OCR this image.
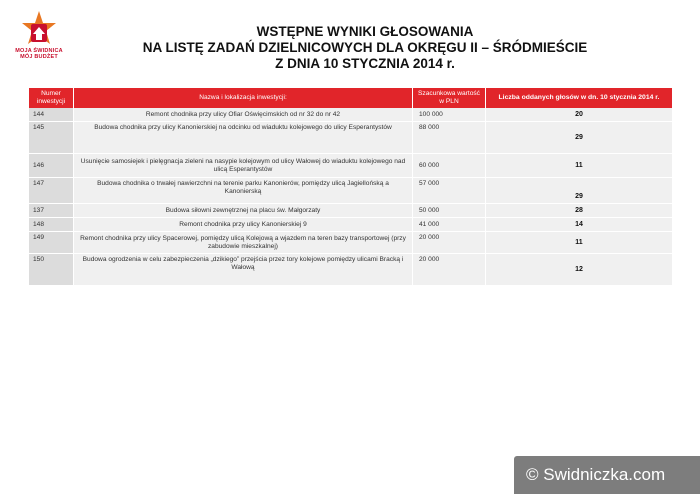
MOJA ŚWIDNICA
MÓJ BUDŻET
WSTĘPNE WYNIKI GŁOSOWANIA
NA LISTĘ ZADAŃ DZIELNICOWYCH DLA OKRĘGU II – ŚRÓDMIEŚCIE
Z DNIA 10 STYCZNIA 2014 r.
Numer inwestycji	Nazwa i lokalizacja inwestycji:	Szacunkowa wartość w PLN	Liczba oddanych głosów w dn. 10 stycznia 2014 r.
144	Remont chodnika przy ulicy Ofiar Oświęcimskich od nr 32 do nr 42	100 000	20
145	Budowa chodnika przy ulicy Kanonierskiej na odcinku od wiaduktu kolejowego do ulicy Esperantystów	88 000	29
146	Usunięcie samosiejek i pielęgnacja zieleni na nasypie kolejowym od ulicy Wałowej do wiaduktu kolejowego nad ulicą Esperantystów	60 000	11
147	Budowa chodnika o trwałej nawierzchni na terenie parku Kanonierów, pomiędzy ulicą Jagiellońską a Kanonierską	57 000	29
137	Budowa siłowni zewnętrznej na placu św. Małgorzaty	50 000	28
148	Remont chodnika przy ulicy Kanonierskiej 9	41 000	14
149	Remont chodnika przy ulicy Spacerowej, pomiędzy ulicą Kolejową a wjazdem na teren bazy transportowej (przy zabudowie mieszkalnej)	20 000	11
150	Budowa ogrodzenia w celu zabezpieczenia „dzikiego” przejścia przez tory kolejowe pomiędzy ulicami Bracką i Wałową	20 000	12
© Swidniczka.com
